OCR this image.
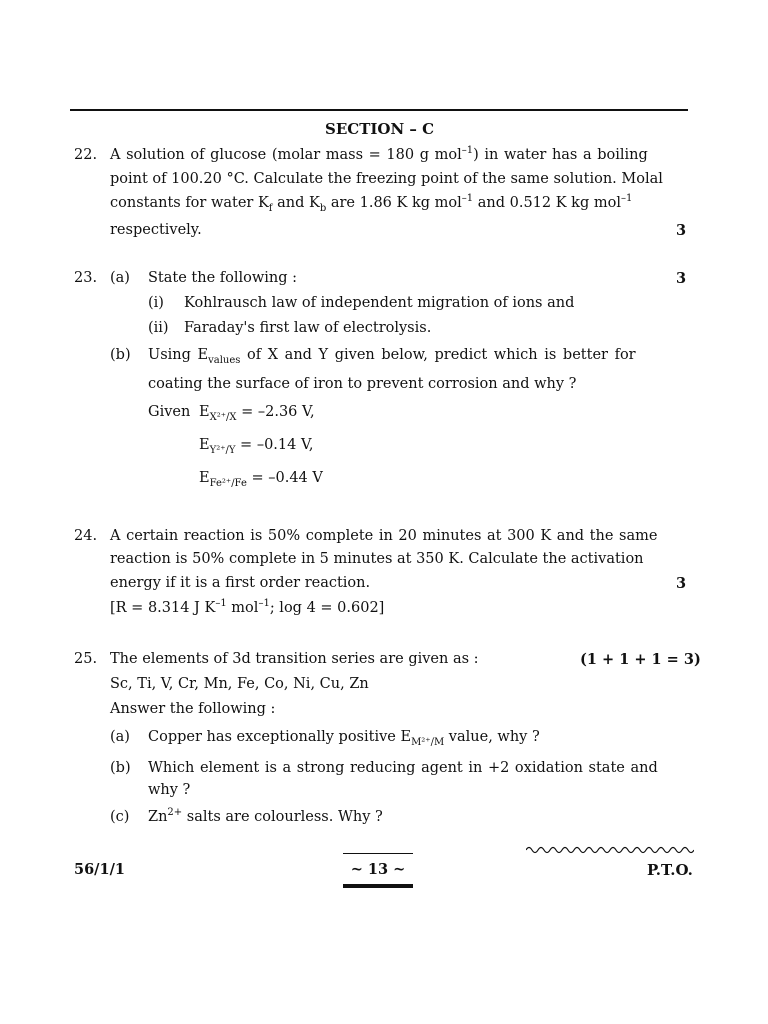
SECTION – C
22. A solution of glucose (molar mass = 180 g mol$^{-1}$) in water has a boiling
point of 100.20 °C. Calculate the freezing point of the same solution. Molal
constants for water $K_f$ and $K_b$ are 1.86 K kg mol$^{-1}$ and 0.512 K kg mol$^{-1}$
respectively.	3
23. (a) State the following :	3
(i) Kohlrausch law of independent migration of ions and
(ii) Faraday's first law of electrolysis.
(b) Using $E_{values}$ of X and Y given below, predict which is better for
coating the surface of iron to prevent corrosion and why ?
Given $E_{X^{2+}/X} = -2.36$ V,
$E_{Y^{2+}/Y} = -0.14$ V,
$E_{Fe^{2+}/Fe} = -0.44$ V
24. A certain reaction is 50% complete in 20 minutes at 300 K and the same
reaction is 50% complete in 5 minutes at 350 K. Calculate the activation
energy if it is a first order reaction.	3
[R = 8.314 J $K^{-1}$ mol$^{-1}$; log 4 = 0.602]
25. The elements of 3d transition series are given as :	(1 + 1 + 1 = 3)
Sc, Ti, V, Cr, Mn, Fe, Co, Ni, Cu, Zn
Answer the following :
(a) Copper has exceptionally positive $E_{M^{2+}/M}$ value, why ?
(b) Which element is a strong reducing agent in +2 oxidation state and
why ?
(c) $Zn^{2+}$ salts are colourless. Why ?
56/1/1	~ 13 ~	P.T.O.
